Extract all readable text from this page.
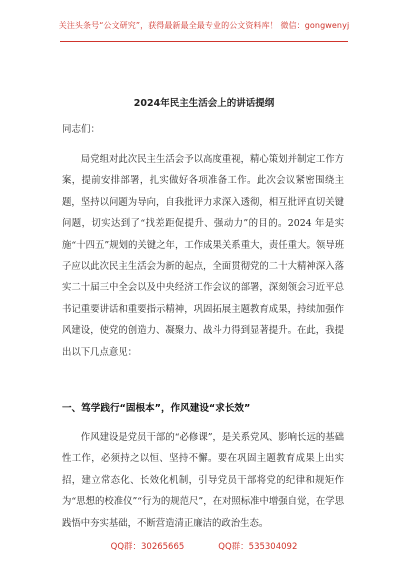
关注头条号“公文研究”，获得最新最全最专业的公文资料库！ 微信：gongwenyj
2024年民主生活会上的讲话提纲
同志们：

局党组对此次民主生活会予以高度重视，精心策划并制定工作方案，提前安排部署，扎实做好各项准备工作。此次会议紧密围绕主题，坚持以问题为导向，自我批评力求深入透彻，相互批评直切关键问题，切实达到了“找差距促提升、强动力”的目的。2024 年是实施“十四五”规划的关键之年，工作成果关系重大，责任重大。领导班子应以此次民主生活会为新的起点，全面贯彻党的二十大精神深入落实二十届三中全会以及中央经济工作会议的部署，深刻领会习近平总书记重要讲话和重要指示精神，巩固拓展主题教育成果，持续加强作风建设，使党的创造力、凝聚力、战斗力得到显著提升。在此，我提出以下几点意见：

一、笃学践行“固根本”，作风建设“求长效”

作风建设是党员干部的“必修课”，是关系党风、影响长远的基础性工作，必须持之以恒、坚持不懈。要在巩固主题教育成果上出实招，建立常态化、长效化机制，引导党员干部将党的纪律和规矩作为“思想的校准仪”“行为的规范尺”，在对照标准中增强自觉，在学思践悟中夯实基础，不断营造清正廉洁的政治生态。

QQ群：30265665	QQ群：535304092
